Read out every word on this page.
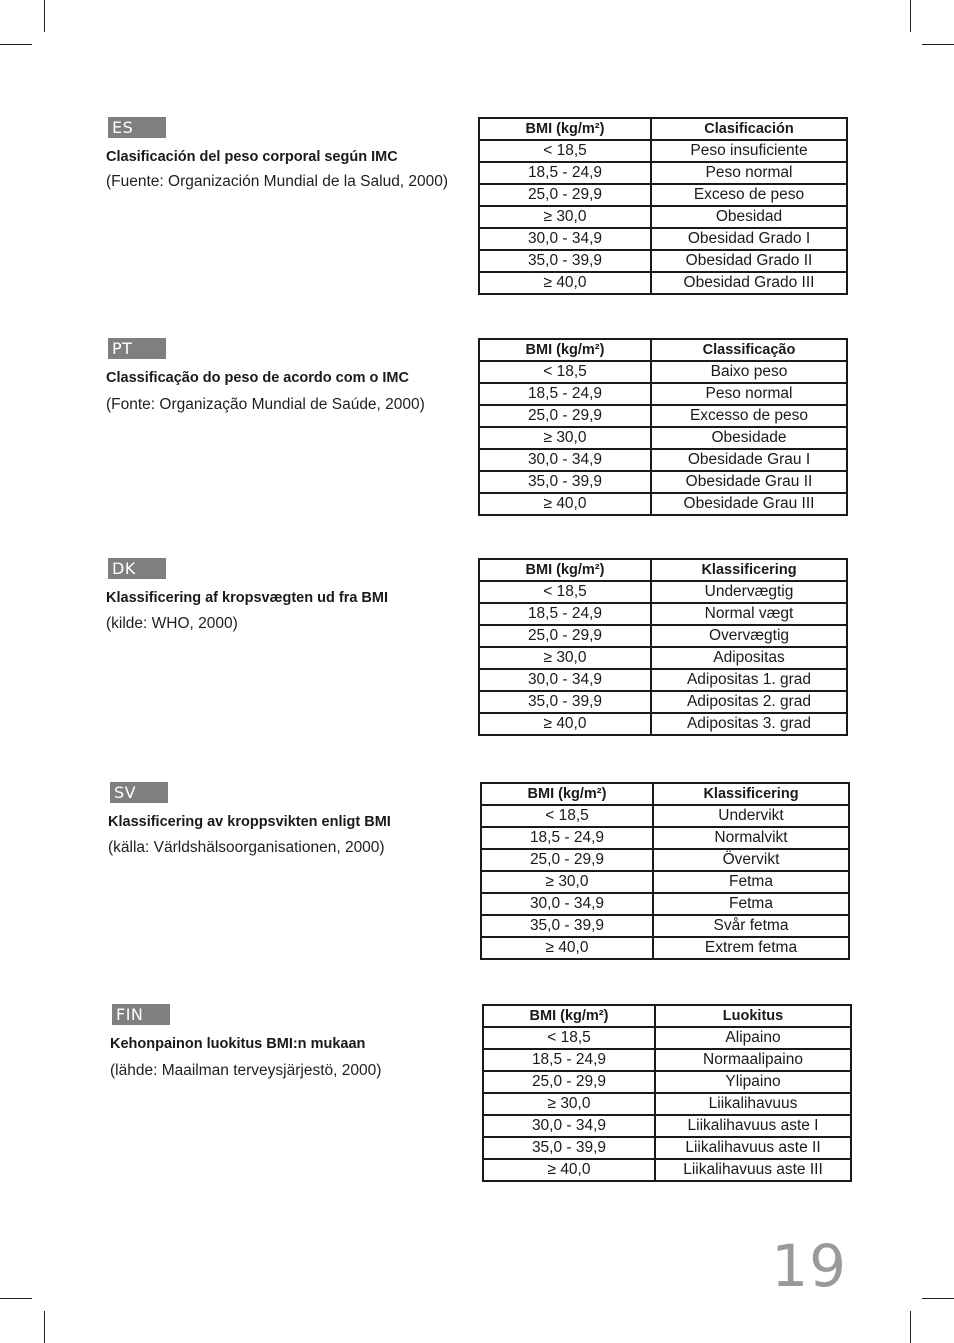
ES
Clasificación del peso corporal según IMC
(Fuente: Organización Mundial de la Salud, 2000)
BMI (kg/m²)	Clasificación
< 18,5	Peso insuficiente
18,5 - 24,9	Peso normal
25,0 - 29,9	Exceso de peso
≥ 30,0	Obesidad
30,0 - 34,9	Obesidad Grado I
35,0 - 39,9	Obesidad Grado II
≥ 40,0	Obesidad Grado III
PT
Classificação do peso de acordo com o IMC
(Fonte: Organização Mundial de Saúde, 2000)
BMI (kg/m²)	Classificação
< 18,5	Baixo peso
18,5 - 24,9	Peso normal
25,0 - 29,9	Excesso de peso
≥ 30,0	Obesidade
30,0 - 34,9	Obesidade Grau I
35,0 - 39,9	Obesidade Grau II
≥ 40,0	Obesidade Grau III
DK
Klassificering af kropsvægten ud fra BMI
(kilde: WHO, 2000)
BMI (kg/m²)	Klassificering
< 18,5	Undervægtig
18,5 - 24,9	Normal vægt
25,0 - 29,9	Overvægtig
≥ 30,0	Adipositas
30,0 - 34,9	Adipositas 1. grad
35,0 - 39,9	Adipositas 2. grad
≥ 40,0	Adipositas 3. grad
SV
Klassificering av kroppsvikten enligt BMI
(källa: Världshälsoorganisationen, 2000)
BMI (kg/m²)	Klassificering
< 18,5	Undervikt
18,5 - 24,9	Normalvikt
25,0 - 29,9	Övervikt
≥ 30,0	Fetma
30,0 - 34,9	Fetma
35,0 - 39,9	Svår fetma
≥ 40,0	Extrem fetma
FIN
Kehonpainon luokitus BMI:n mukaan
(lähde: Maailman terveysjärjestö, 2000)
BMI (kg/m²)	Luokitus
< 18,5	Alipaino
18,5 - 24,9	Normaalipaino
25,0 - 29,9	Ylipaino
≥ 30,0	Liikalihavuus
30,0 - 34,9	Liikalihavuus aste I
35,0 - 39,9	Liikalihavuus aste II
≥ 40,0	Liikalihavuus aste III
19
